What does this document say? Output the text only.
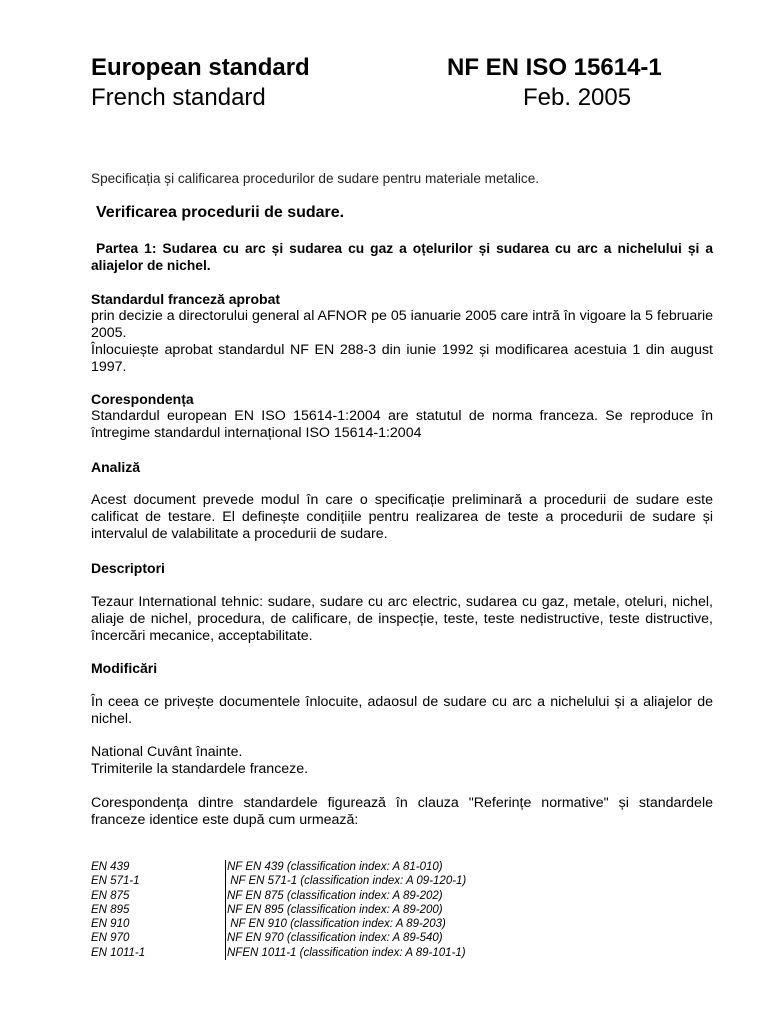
European standard	NF EN ISO 15614-1
French standard	Feb. 2005
Specificația și calificarea procedurilor de sudare pentru materiale metalice.
Verificarea procedurii de sudare.
Partea 1: Sudarea cu arc și sudarea cu gaz a oțelurilor și sudarea cu arc a nichelului și a aliajelor de nichel.
Standardul franceză aprobat
prin decizie a directorului general al AFNOR pe 05 ianuarie 2005 care intră în vigoare la 5 februarie 2005.
Înlocuiește aprobat standardul NF EN 288-3 din iunie 1992 și modificarea acestuia 1 din august 1997.
Corespondența
Standardul european EN ISO 15614-1:2004 are statutul de norma franceza. Se reproduce în întregime standardul internațional ISO 15614-1:2004
Analiză
Acest document prevede modul în care o specificație preliminară a procedurii de sudare este calificat de testare. El definește condițiile pentru realizarea de teste a procedurii de sudare și intervalul de valabilitate a procedurii de sudare.
Descriptori
Tezaur International tehnic: sudare, sudare cu arc electric, sudarea cu gaz, metale, oteluri, nichel, aliaje de nichel, procedura, de calificare, de inspecție, teste, teste nedistructive, teste distructive, încercări mecanice, acceptabilitate.
Modificări
În ceea ce privește documentele înlocuite, adaosul de sudare cu arc a nichelului și a aliajelor de nichel.
National Cuvânt înainte.
Trimiterile la standardele franceze.
Corespondența dintre standardele figurează în clauza "Referințe normative" și standardele franceze identice este după cum urmează:
EN 439	NF EN 439 (classification index: A 81-010)
EN 571-1	NF EN 571-1 (classification index: A 09-120-1)
EN 875	NF EN 875 (classification index: A 89-202)
EN 895	NF EN 895 (classification index: A 89-200)
EN 910	NF EN 910 (classification index: A 89-203)
EN 970	NF EN 970 (classification index: A 89-540)
EN 1011-1	NFEN 1011-1 (classification index: A 89-101-1)
